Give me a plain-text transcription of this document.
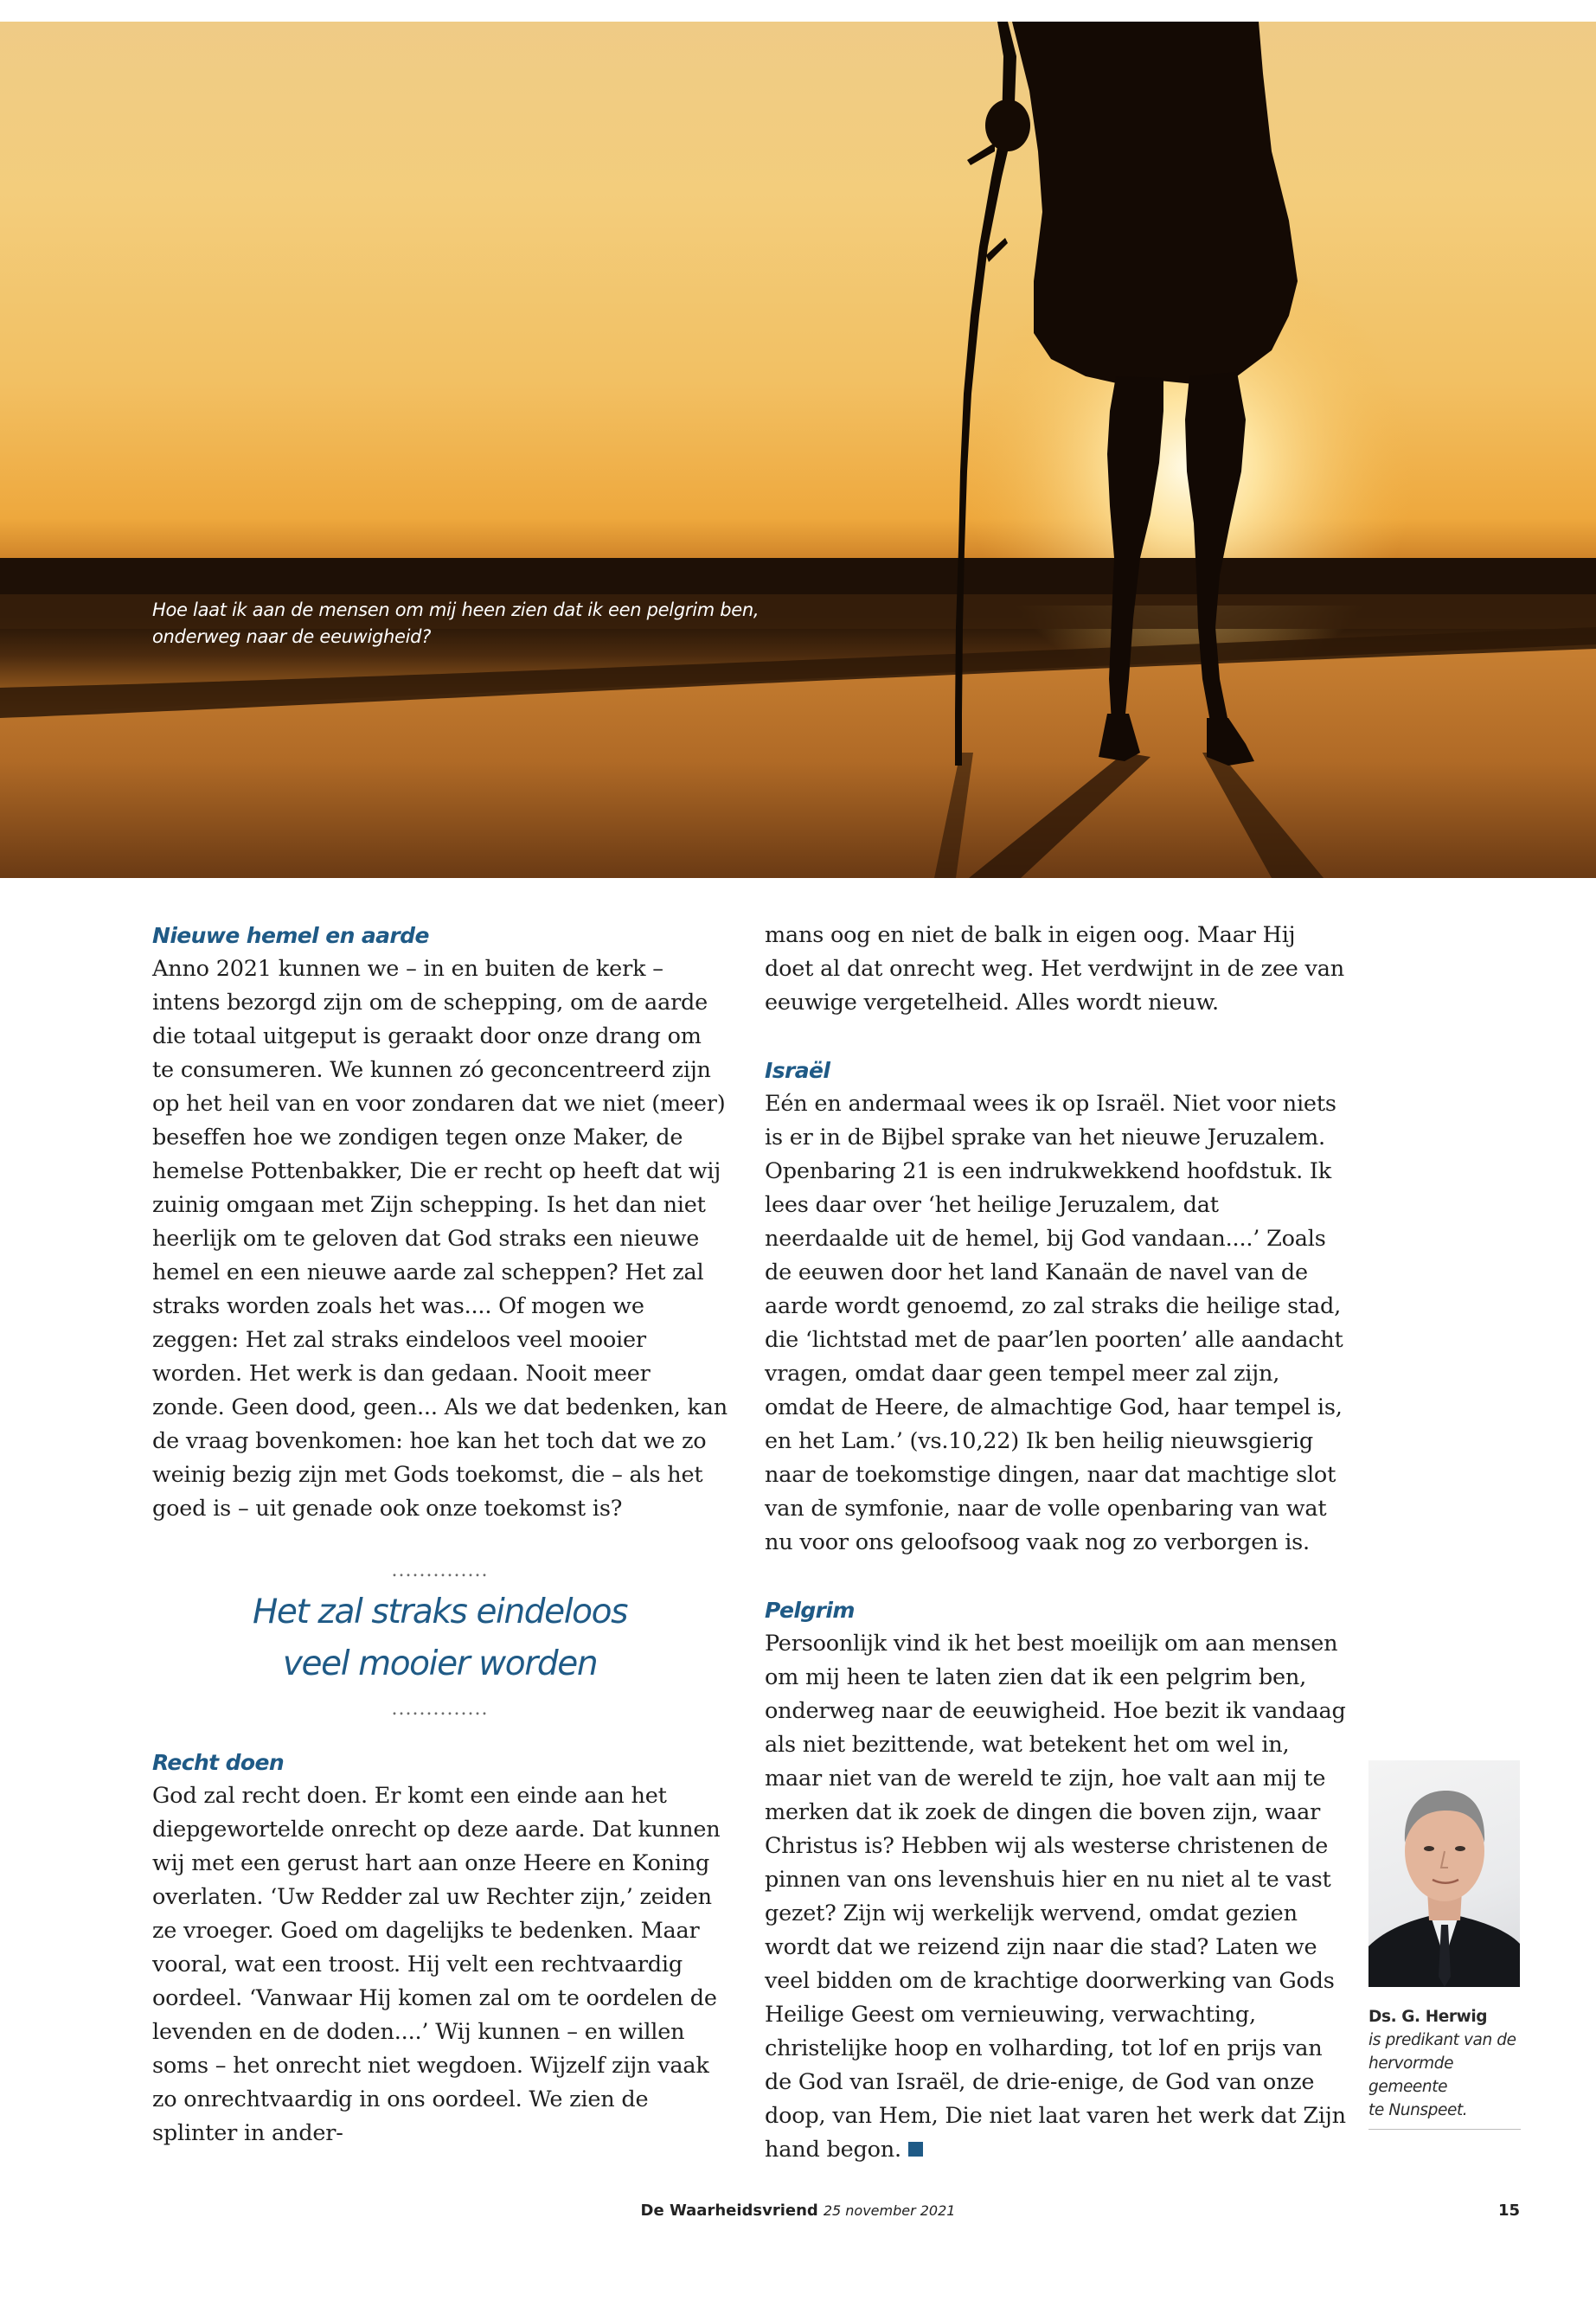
Hoe laat ik aan de mensen om mij heen zien dat ik een pelgrim ben,
onderweg naar de eeuwigheid?
Nieuwe hemel en aarde

Anno 2021 kunnen we – in en buiten de kerk – intens bezorgd zijn om de schepping, om de aarde die totaal uitgeput is geraakt door onze drang om te consumeren. We kunnen zó geconcentreerd zijn op het heil van en voor zondaren dat we niet (meer) beseffen hoe we zondigen tegen onze Maker, de hemelse Pottenbakker, Die er recht op heeft dat wij zuinig omgaan met Zijn schepping. Is het dan niet heerlijk om te geloven dat God straks een nieuwe hemel en een nieuwe aarde zal scheppen? Het zal straks worden zoals het was.... Of mogen we zeggen: Het zal straks eindeloos veel mooier worden. Het werk is dan gedaan. Nooit meer zonde. Geen dood, geen... Als we dat bedenken, kan de vraag bovenkomen: hoe kan het toch dat we zo weinig bezig zijn met Gods toekomst, die – als het goed is – uit genade ook onze toekomst is?

..............
Het zal straks eindeloos
veel mooier worden
..............
Recht doen

God zal recht doen. Er komt een einde aan het diepgewortelde onrecht op deze aarde. Dat kunnen wij met een gerust hart aan onze Heere en Koning overlaten. ‘Uw Redder zal uw Rechter zijn,’ zeiden ze vroeger. Goed om dagelijks te bedenken. Maar vooral, wat een troost. Hij velt een rechtvaardig oordeel. ‘Vanwaar Hij komen zal om te oordelen de levenden en de doden....’ Wij kunnen – en willen soms – het onrecht niet wegdoen. Wijzelf zijn vaak zo onrechtvaardig in ons oordeel. We zien de splinter in ander-

mans oog en niet de balk in eigen oog. Maar Hij doet al dat onrecht weg. Het verdwijnt in de zee van eeuwige vergetelheid. Alles wordt nieuw.

Israël

Eén en andermaal wees ik op Israël. Niet voor niets is er in de Bijbel sprake van het nieuwe Jeruzalem. Openbaring 21 is een indrukwekkend hoofdstuk. Ik lees daar over ‘het heilige Jeruzalem, dat neerdaalde uit de hemel, bij God vandaan....’ Zoals de eeuwen door het land Kanaän de navel van de aarde wordt genoemd, zo zal straks die heilige stad, die ‘lichtstad met de paar’len poorten’ alle aandacht vragen, omdat daar geen tempel meer zal zijn, omdat de Heere, de almachtige God, haar tempel is, en het Lam.’ (vs.10,22) Ik ben heilig nieuwsgierig naar de toekomstige dingen, naar dat machtige slot van de symfonie, naar de volle openbaring van wat nu voor ons geloofsoog vaak nog zo verborgen is.

Pelgrim

Persoonlijk vind ik het best moeilijk om aan mensen om mij heen te laten zien dat ik een pelgrim ben, onderweg naar de eeuwigheid. Hoe bezit ik vandaag als niet bezittende, wat betekent het om wel in, maar niet van de wereld te zijn, hoe valt aan mij te merken dat ik zoek de dingen die boven zijn, waar Christus is? Hebben wij als westerse christenen de pinnen van ons levenshuis hier en nu niet al te vast gezet? Zijn wij werkelijk wervend, omdat gezien wordt dat we reizend zijn naar die stad? Laten we veel bidden om de krachtige doorwerking van Gods Heilige Geest om vernieuwing, verwachting, christelijke hoop en volharding, tot lof en prijs van de God van Israël, de drie-enige, de God van onze doop, van Hem, Die niet laat varen het werk dat Zijn hand begon.

Ds. G. Herwig
is predikant van de
hervormde gemeente
te Nunspeet.
De Waarheidsvriend 25 november 2021	15
